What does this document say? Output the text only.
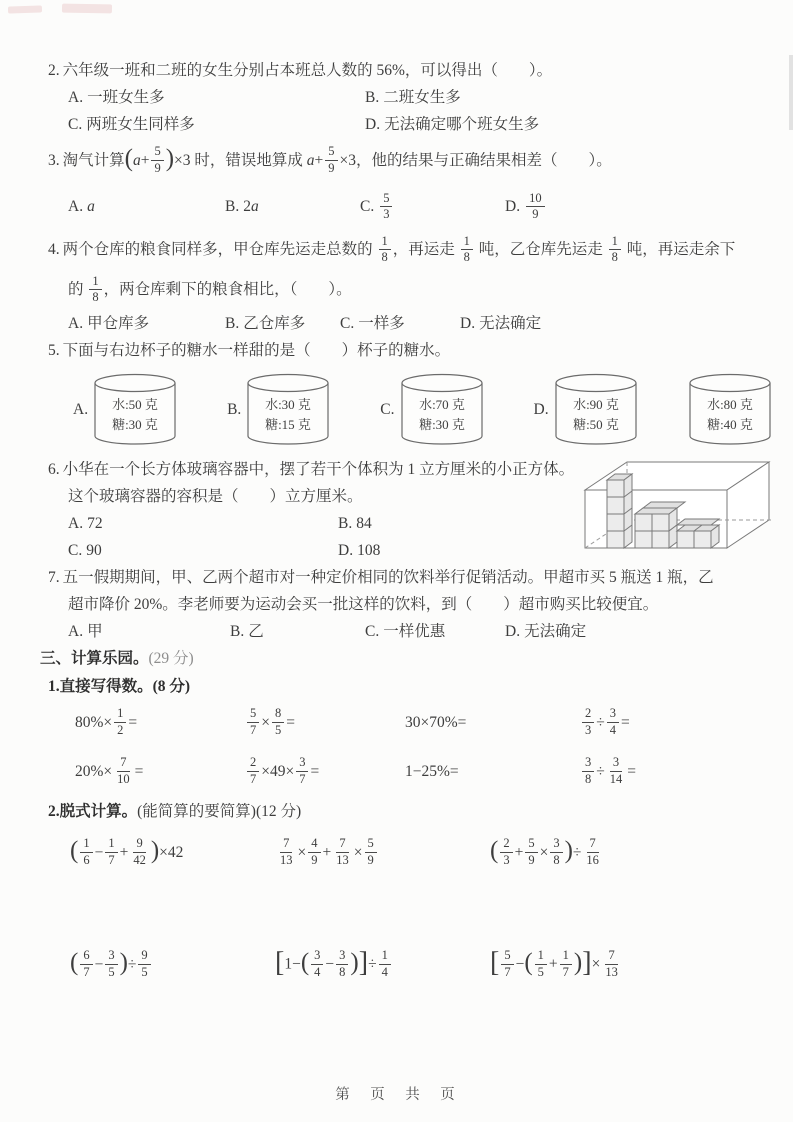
2. 六年级一班和二班的女生分别占本班总人数的 56%，可以得出（　　）。
A. 一班女生多	B. 二班女生多
C. 两班女生同样多	D. 无法确定哪个班女生多
3. 淘气计算$(a+ \frac{5}{9} )\times 3$ 时，错误地算成 $a+ \frac{5}{9} \times 3$，他的结果与正确结果相差（　　）。
A. a	B. 2a	C. $\frac{5}{3}$	D. $\frac{10}{9}$
4. 两个仓库的粮食同样多，甲仓库先运走总数的 $\frac{1}{8}$ ，再运走 $\frac{1}{8}$ 吨，乙仓库先运走 $\frac{1}{8}$ 吨，再运走余下
的 $\frac{1}{8}$ ，两仓库剩下的粮食相比，（　　）。
A. 甲仓库多	B. 乙仓库多	C. 一样多	D. 无法确定
5. 下面与右边杯子的糖水一样甜的是（　　）杯子的糖水。
A. 水:50 克
糖:30 克
B. 水:30 克
糖:15 克
C. 水:70 克
糖:30 克
D. 水:90 克
糖:50 克
水:80 克
糖:40 克
6. 小华在一个长方体玻璃容器中，摆了若干个体积为 1 立方厘米的小正方体。
这个玻璃容器的容积是（　　）立方厘米。
A. 72	B. 84
C. 90	D. 108
7. 五一假期期间，甲、乙两个超市对一种定价相同的饮料举行促销活动。甲超市买 5 瓶送 1 瓶，乙
超市降价 20%。李老师要为运动会买一批这样的饮料，到（　　）超市购买比较便宜。
A. 甲	B. 乙	C. 一样优惠	D. 无法确定
三、计算乐园。(29 分)
1.直接写得数。(8 分)
$80\%\times \frac{1}{2}$ =	$\frac{5}{7} \times \frac{8}{5}$ =	30×70%=	$\frac{2}{3} \div \frac{3}{4}$ =
$20\%\times \frac{7}{10}$ =	$\frac{2}{7} \times 49\times \frac{3}{7}$ =	1−25%=	$\frac{3}{8} \div \frac{3}{14}$ =
2.脱式计算。(能简算的要简算)(12 分)
( $\frac{1}{6} - \frac{1}{7} + \frac{9}{42} )\times 42$	$\frac{7}{13} \times \frac{4}{9} + \frac{7}{13} \times \frac{5}{9}$	( $\frac{2}{3} + \frac{5}{9} \times \frac{3}{8}$ )÷ $\frac{7}{16}$
( $\frac{6}{7} - \frac{3}{5}$ )÷ $\frac{9}{5}$	[$1-( \frac{3}{4} - \frac{3}{8}$ )]÷ $\frac{1}{4}$	[ $\frac{5}{7}$ −( $\frac{1}{5} + \frac{1}{7}$ )]× $\frac{7}{13}$
第　页　共　页
